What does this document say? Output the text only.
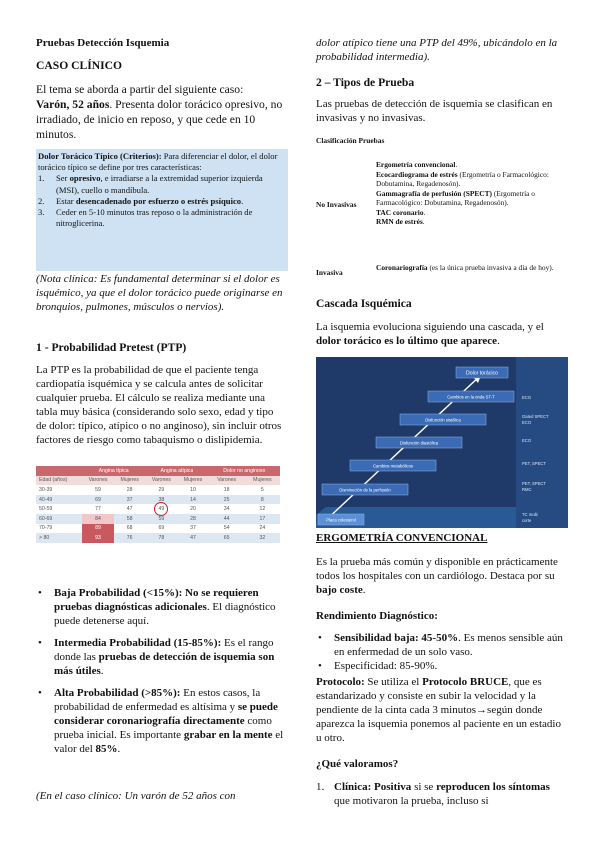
Pruebas Detección Isquemia

CASO CLÍNICO

El tema se aborda a partir del siguiente caso:
Varón, 52 años. Presenta dolor torácico opresivo, no irradiado, de inicio en reposo, y que cede en 10 minutos.

Dolor Torácico Típico (Criterios): Para diferenciar el dolor, el dolor torácico típico se define por tres características:

1. Ser opresivo, e irradiarse a la extremidad superior izquierda (MSI), cuello o mandíbula.
2. Estar desencadenado por esfuerzo o estrés psíquico.
3. Ceder en 5-10 minutos tras reposo o la administración de nitroglicerina.

(Nota clínica: Es fundamental determinar si el dolor es isquémico, ya que el dolor torácico puede originarse en bronquios, pulmones, músculos o nervios).

1 - Probabilidad Pretest (PTP)

La PTP es la probabilidad de que el paciente tenga cardiopatía isquémica y se calcula antes de solicitar cualquier prueba. El cálculo se realiza mediante una tabla muy básica (considerando solo sexo, edad y tipo de dolor: típico, atípico o no anginoso), sin incluir otros factores de riesgo como tabaquismo o dislipidemia.

	Angina típica		Angina atípica		Dolor no anginoso	
Edad (años)	Varones	Mujeres	Varones	Mujeres	Varones	Mujeres
30-39	59	28	29	10	18	5
40-49	69	37	38	14	25	8
50-59	77	47	49	20	34	12
60-69	84	58	59	28	44	17
70-79	89	68	69	37	54	24
> 80	93	76	78	47	65	32
• Baja Probabilidad (<15%): No se requieren pruebas diagnósticas adicionales. El diagnóstico puede detenerse aquí.
• Intermedia Probabilidad (15-85%): Es el rango donde las pruebas de detección de isquemia son más útiles.
• Alta Probabilidad (>85%): En estos casos, la probabilidad de enfermedad es altísima y se puede considerar coronariografía directamente como prueba inicial. Es importante grabar en la mente el valor del 85%.

(En el caso clínico: Un varón de 52 años con

dolor atípico tiene una PTP del 49%, ubicándolo en la probabilidad intermedia).

2 – Tipos de Prueba

Las pruebas de detección de isquemia se clasifican en invasivas y no invasivas.

Clasificación Pruebas

No Invasivas
Ergometría convencional.
Ecocardiograma de estrés (Ergometría o Farmacológico: Dobutamina, Regadenosón).
Gammagrafía de perfusión (SPECT) (Ergometría o Farmacológico: Dobutamina, Regadenosón).
TAC coronario.
RMN de estrés.
Invasiva
Coronariografía (es la única prueba invasiva a día de hoy).

Cascada Isquémica

La isquemia evoluciona siguiendo una cascada, y el dolor torácico es lo último que aparece.

Dolor torácico
Cambios en la onda ST-T
Disfunción sistólica
Disfunción diastólica
Cambios metabólicos
Disminución de la perfusión
Placa colesterol
ECG
Gated SPECT
ECO
ECO
PET, SPECT
PET, SPECT
RMC
TC multi
corte

ERGOMETRÍA CONVENCIONAL

Es la prueba más común y disponible en prácticamente todos los hospitales con un cardiólogo. Destaca por su bajo coste.

Rendimiento Diagnóstico:

• Sensibilidad baja: 45-50%. Es menos sensible aún en enfermedad de un solo vaso.
• Especificidad: 85-90%.

Protocolo: Se utiliza el Protocolo BRUCE, que es estandarizado y consiste en subir la velocidad y la pendiente de la cinta cada 3 minutos→según donde aparezca la isquemia ponemos al paciente en un estadio u otro.

¿Qué valoramos?

1. Clínica: Positiva si se reproducen los síntomas que motivaron la prueba, incluso si
